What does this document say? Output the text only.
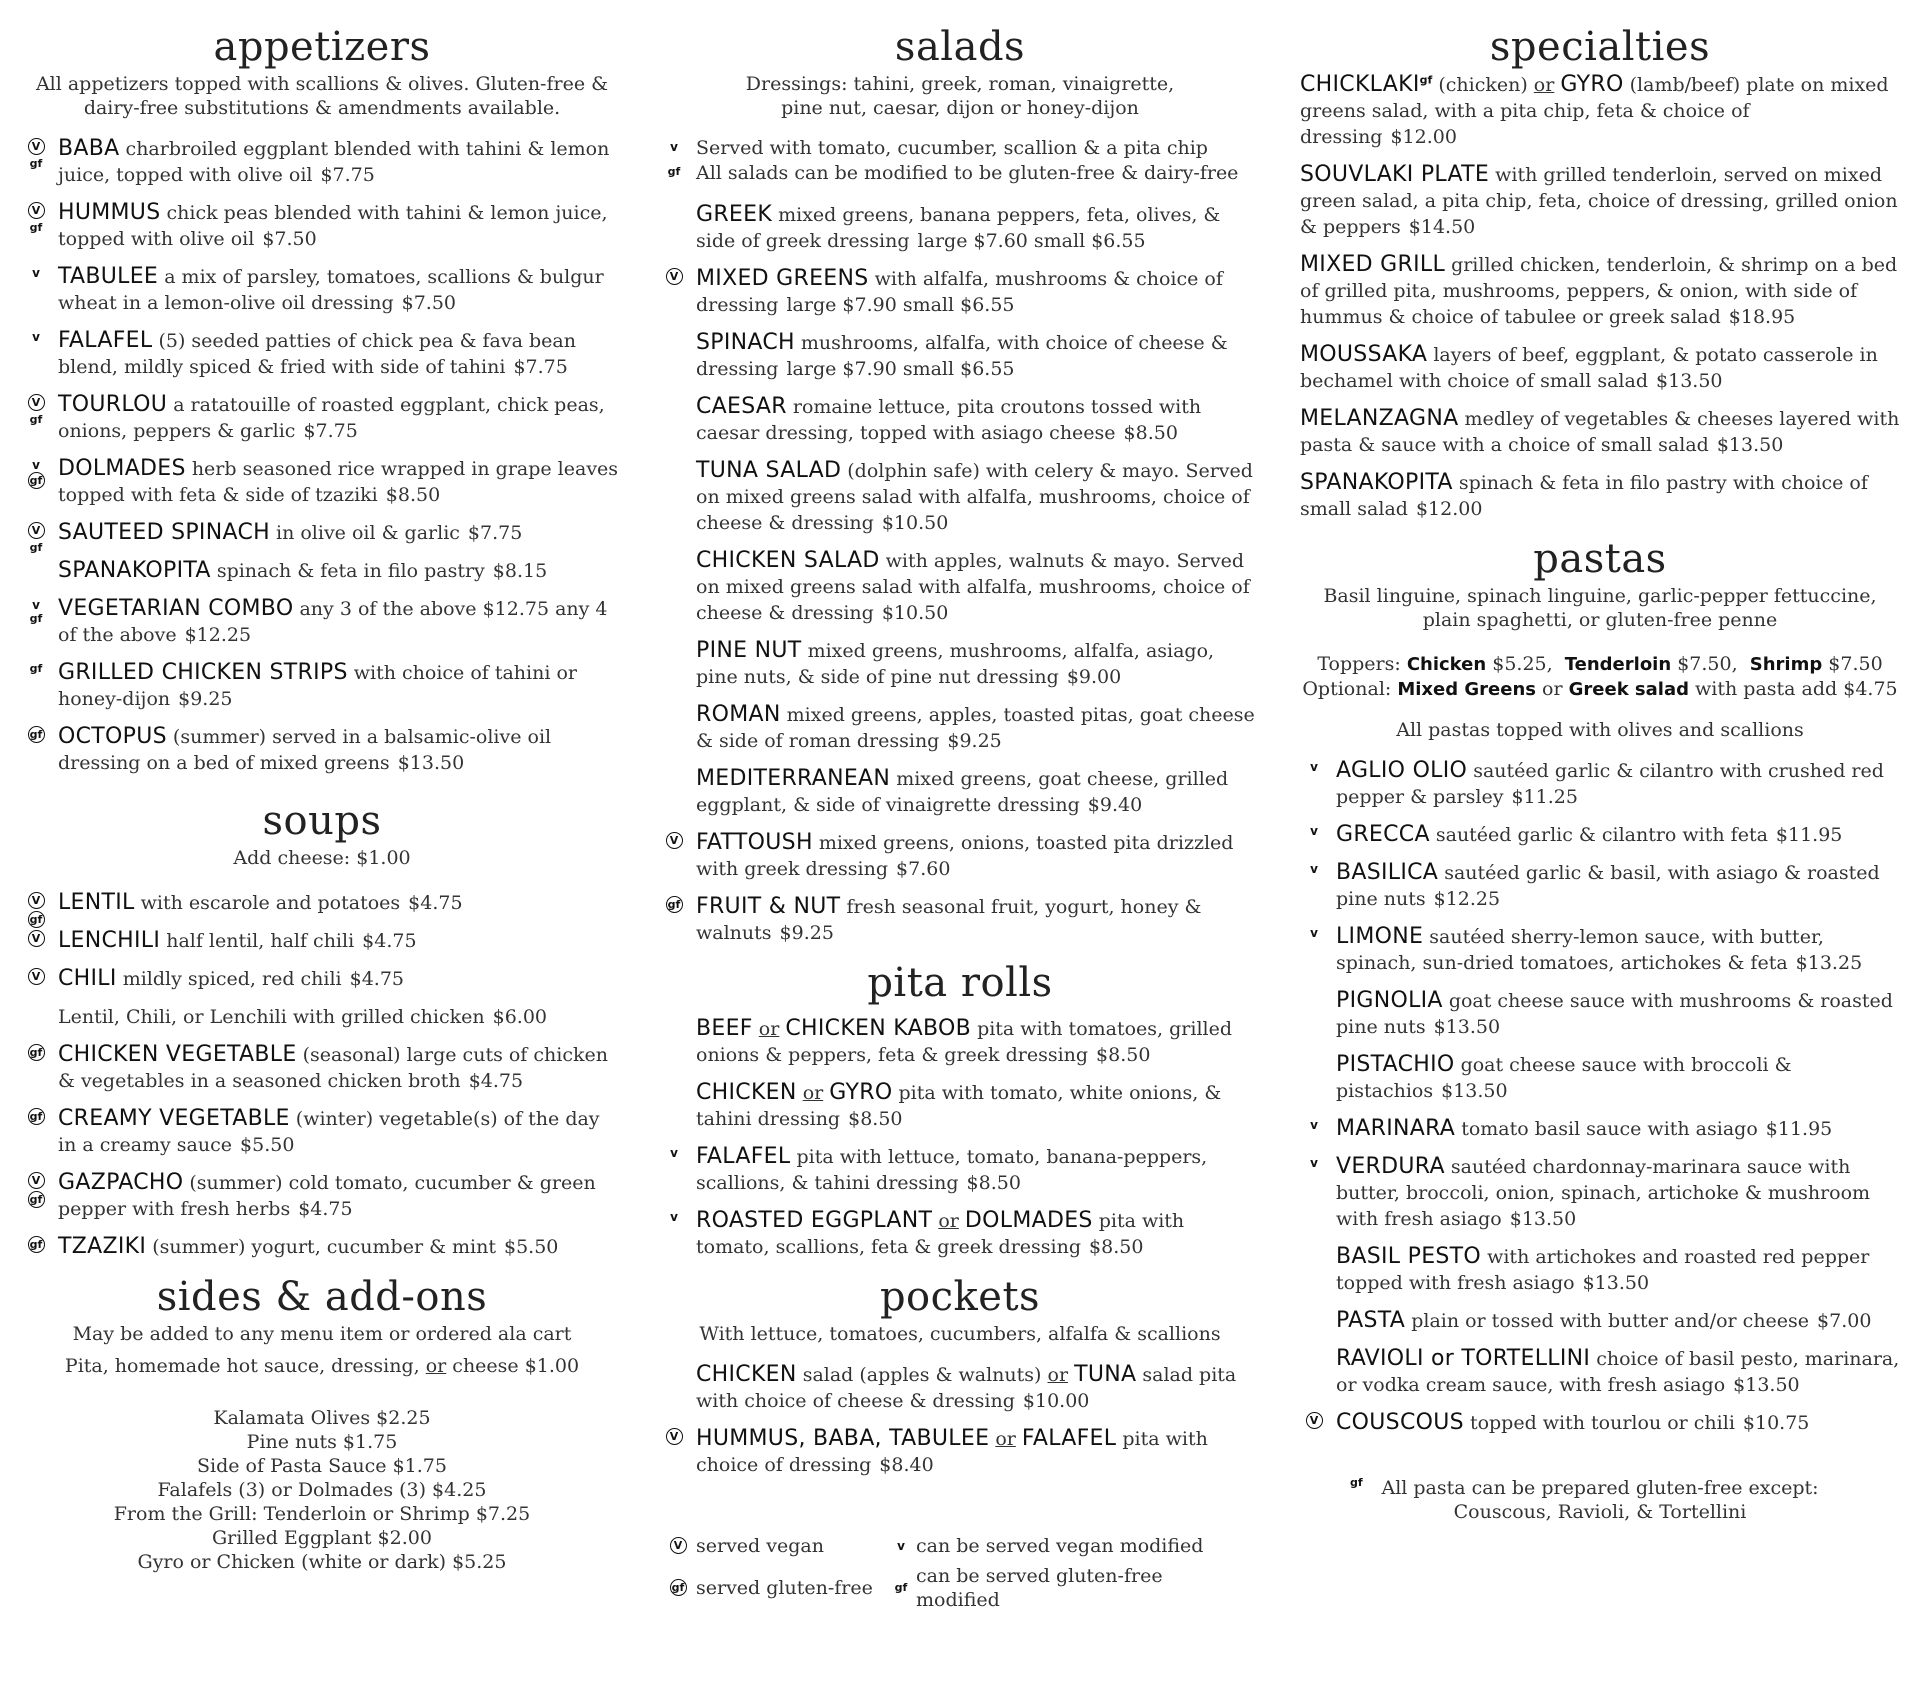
appetizers
All appetizers topped with scallions & olives. Gluten-free &
dairy-free substitutions & amendments available.
V
gf
BABA charbroiled eggplant blended with tahini & lemon juice, topped with olive oil $7.75
V
gf
HUMMUS chick peas blended with tahini & lemon juice, topped with olive oil $7.50
v TABULEE a mix of parsley, tomatoes, scallions & bulgur wheat in a lemon-olive oil dressing $7.50
v FALAFEL (5) seeded patties of chick pea & fava bean blend, mildly spiced & fried with side of tahini $7.75
V
gf
TOURLOU a ratatouille of roasted eggplant, chick peas, onions, peppers & garlic $7.75
v
gf DOLMADES herb seasoned rice wrapped in grape leaves topped with feta & side of tzaziki $8.50
V
gf
SAUTEED SPINACH in olive oil & garlic $7.75
SPANAKOPITA spinach & feta in filo pastry $8.15
v
gf VEGETARIAN COMBO any 3 of the above $12.75 any 4 of the above $12.25
gf GRILLED CHICKEN STRIPS with choice of tahini or honey-dijon $9.25
gf OCTOPUS (summer) served in a balsamic-olive oil dressing on a bed of mixed greens $13.50
soups
Add cheese: $1.00
V
gf
LENTIL with escarole and potatoes $4.75
V LENCHILI half lentil, half chili $4.75
V CHILI mildly spiced, red chili $4.75
Lentil, Chili, or Lenchili with grilled chicken $6.00
gf CHICKEN VEGETABLE (seasonal) large cuts of chicken & vegetables in a seasoned chicken broth $4.75
gf CREAMY VEGETABLE (winter) vegetable(s) of the day in a creamy sauce $5.50
V
gf
GAZPACHO (summer) cold tomato, cucumber & green pepper with fresh herbs $4.75
gf TZAZIKI (summer) yogurt, cucumber & mint $5.50
sides & add-ons
May be added to any menu item or ordered ala cart
Pita, homemade hot sauce, dressing, or cheese $1.00
Kalamata Olives $2.25
Pine nuts $1.75
Side of Pasta Sauce $1.75
Falafels (3) or Dolmades (3) $4.25
From the Grill: Tenderloin or Shrimp $7.25
Grilled Eggplant $2.00
Gyro or Chicken (white or dark) $5.25
salads
Dressings: tahini, greek, roman, vinaigrette,
pine nut, caesar, dijon or honey-dijon
v Served with tomato, cucumber, scallion & a pita chip
gf All salads can be modified to be gluten-free & dairy-free
GREEK mixed greens, banana peppers, feta, olives, & side of greek dressing large $7.60 small $6.55
V MIXED GREENS with alfalfa, mushrooms & choice of dressing large $7.90 small $6.55
SPINACH mushrooms, alfalfa, with choice of cheese & dressing large $7.90 small $6.55
CAESAR romaine lettuce, pita croutons tossed with caesar dressing, topped with asiago cheese $8.50
TUNA SALAD (dolphin safe) with celery & mayo. Served on mixed greens salad with alfalfa, mushrooms, choice of cheese & dressing $10.50
CHICKEN SALAD with apples, walnuts & mayo. Served on mixed greens salad with alfalfa, mushrooms, choice of cheese & dressing $10.50
PINE NUT mixed greens, mushrooms, alfalfa, asiago, pine nuts, & side of pine nut dressing $9.00
ROMAN mixed greens, apples, toasted pitas, goat cheese & side of roman dressing $9.25
MEDITERRANEAN mixed greens, goat cheese, grilled eggplant, & side of vinaigrette dressing $9.40
V FATTOUSH mixed greens, onions, toasted pita drizzled with greek dressing $7.60
gf FRUIT & NUT fresh seasonal fruit, yogurt, honey & walnuts $9.25
pita rolls
BEEF or CHICKEN KABOB pita with tomatoes, grilled onions & peppers, feta & greek dressing $8.50
CHICKEN or GYRO pita with tomato, white onions, & tahini dressing $8.50
v FALAFEL pita with lettuce, tomato, banana-peppers, scallions, & tahini dressing $8.50
v ROASTED EGGPLANT or DOLMADES pita with tomato, scallions, feta & greek dressing $8.50
pockets
With lettuce, tomatoes, cucumbers, alfalfa & scallions
CHICKEN salad (apples & walnuts) or TUNA salad pita with choice of cheese & dressing $10.00
V HUMMUS, BABA, TABULEE or FALAFEL pita with choice of dressing $8.40
V served vegan	v can be served vegan modified
gf served gluten-free	gf
can be served gluten-free modified
specialties
$CHICKLAKI^{gf}$ (chicken) or GYRO (lamb/beef) plate on mixed greens salad, with a pita chip, feta & choice of dressing $12.00
SOUVLAKI PLATE with grilled tenderloin, served on mixed green salad, a pita chip, feta, choice of dressing, grilled onion & peppers $14.50
MIXED GRILL grilled chicken, tenderloin, & shrimp on a bed of grilled pita, mushrooms, peppers, & onion, with side of hummus & choice of tabulee or greek salad $18.95
MOUSSAKA layers of beef, eggplant, & potato casserole in bechamel with choice of small salad $13.50
MELANZAGNA medley of vegetables & cheeses layered with pasta & sauce with a choice of small salad $13.50
SPANAKOPITA spinach & feta in filo pastry with choice of small salad $12.00
pastas
Basil linguine, spinach linguine, garlic-pepper fettuccine,
plain spaghetti, or gluten-free penne
Toppers: Chicken $5.25, Tenderloin $7.50, Shrimp $7.50
Optional: Mixed Greens or Greek salad with pasta add $4.75
All pastas topped with olives and scallions
v AGLIO OLIO sautéed garlic & cilantro with crushed red pepper & parsley $11.25
v GRECCA sautéed garlic & cilantro with feta $11.95
v BASILICA sautéed garlic & basil, with asiago & roasted pine nuts $12.25
v LIMONE sautéed sherry-lemon sauce, with butter, spinach, sun-dried tomatoes, artichokes & feta $13.25
PIGNOLIA goat cheese sauce with mushrooms & roasted pine nuts $13.50
PISTACHIO goat cheese sauce with broccoli & pistachios $13.50
v MARINARA tomato basil sauce with asiago $11.95
v VERDURA sautéed chardonnay-marinara sauce with butter, broccoli, onion, spinach, artichoke & mushroom with fresh asiago $13.50
BASIL PESTO with artichokes and roasted red pepper topped with fresh asiago $13.50
PASTA plain or tossed with butter and/or cheese $7.00
RAVIOLI or TORTELLINI choice of basil pesto, marinara, or vodka cream sauce, with fresh asiago $13.50
V COUSCOUS topped with tourlou or chili $10.75
gf All pasta can be prepared gluten-free except:
Couscous, Ravioli, & Tortellini
